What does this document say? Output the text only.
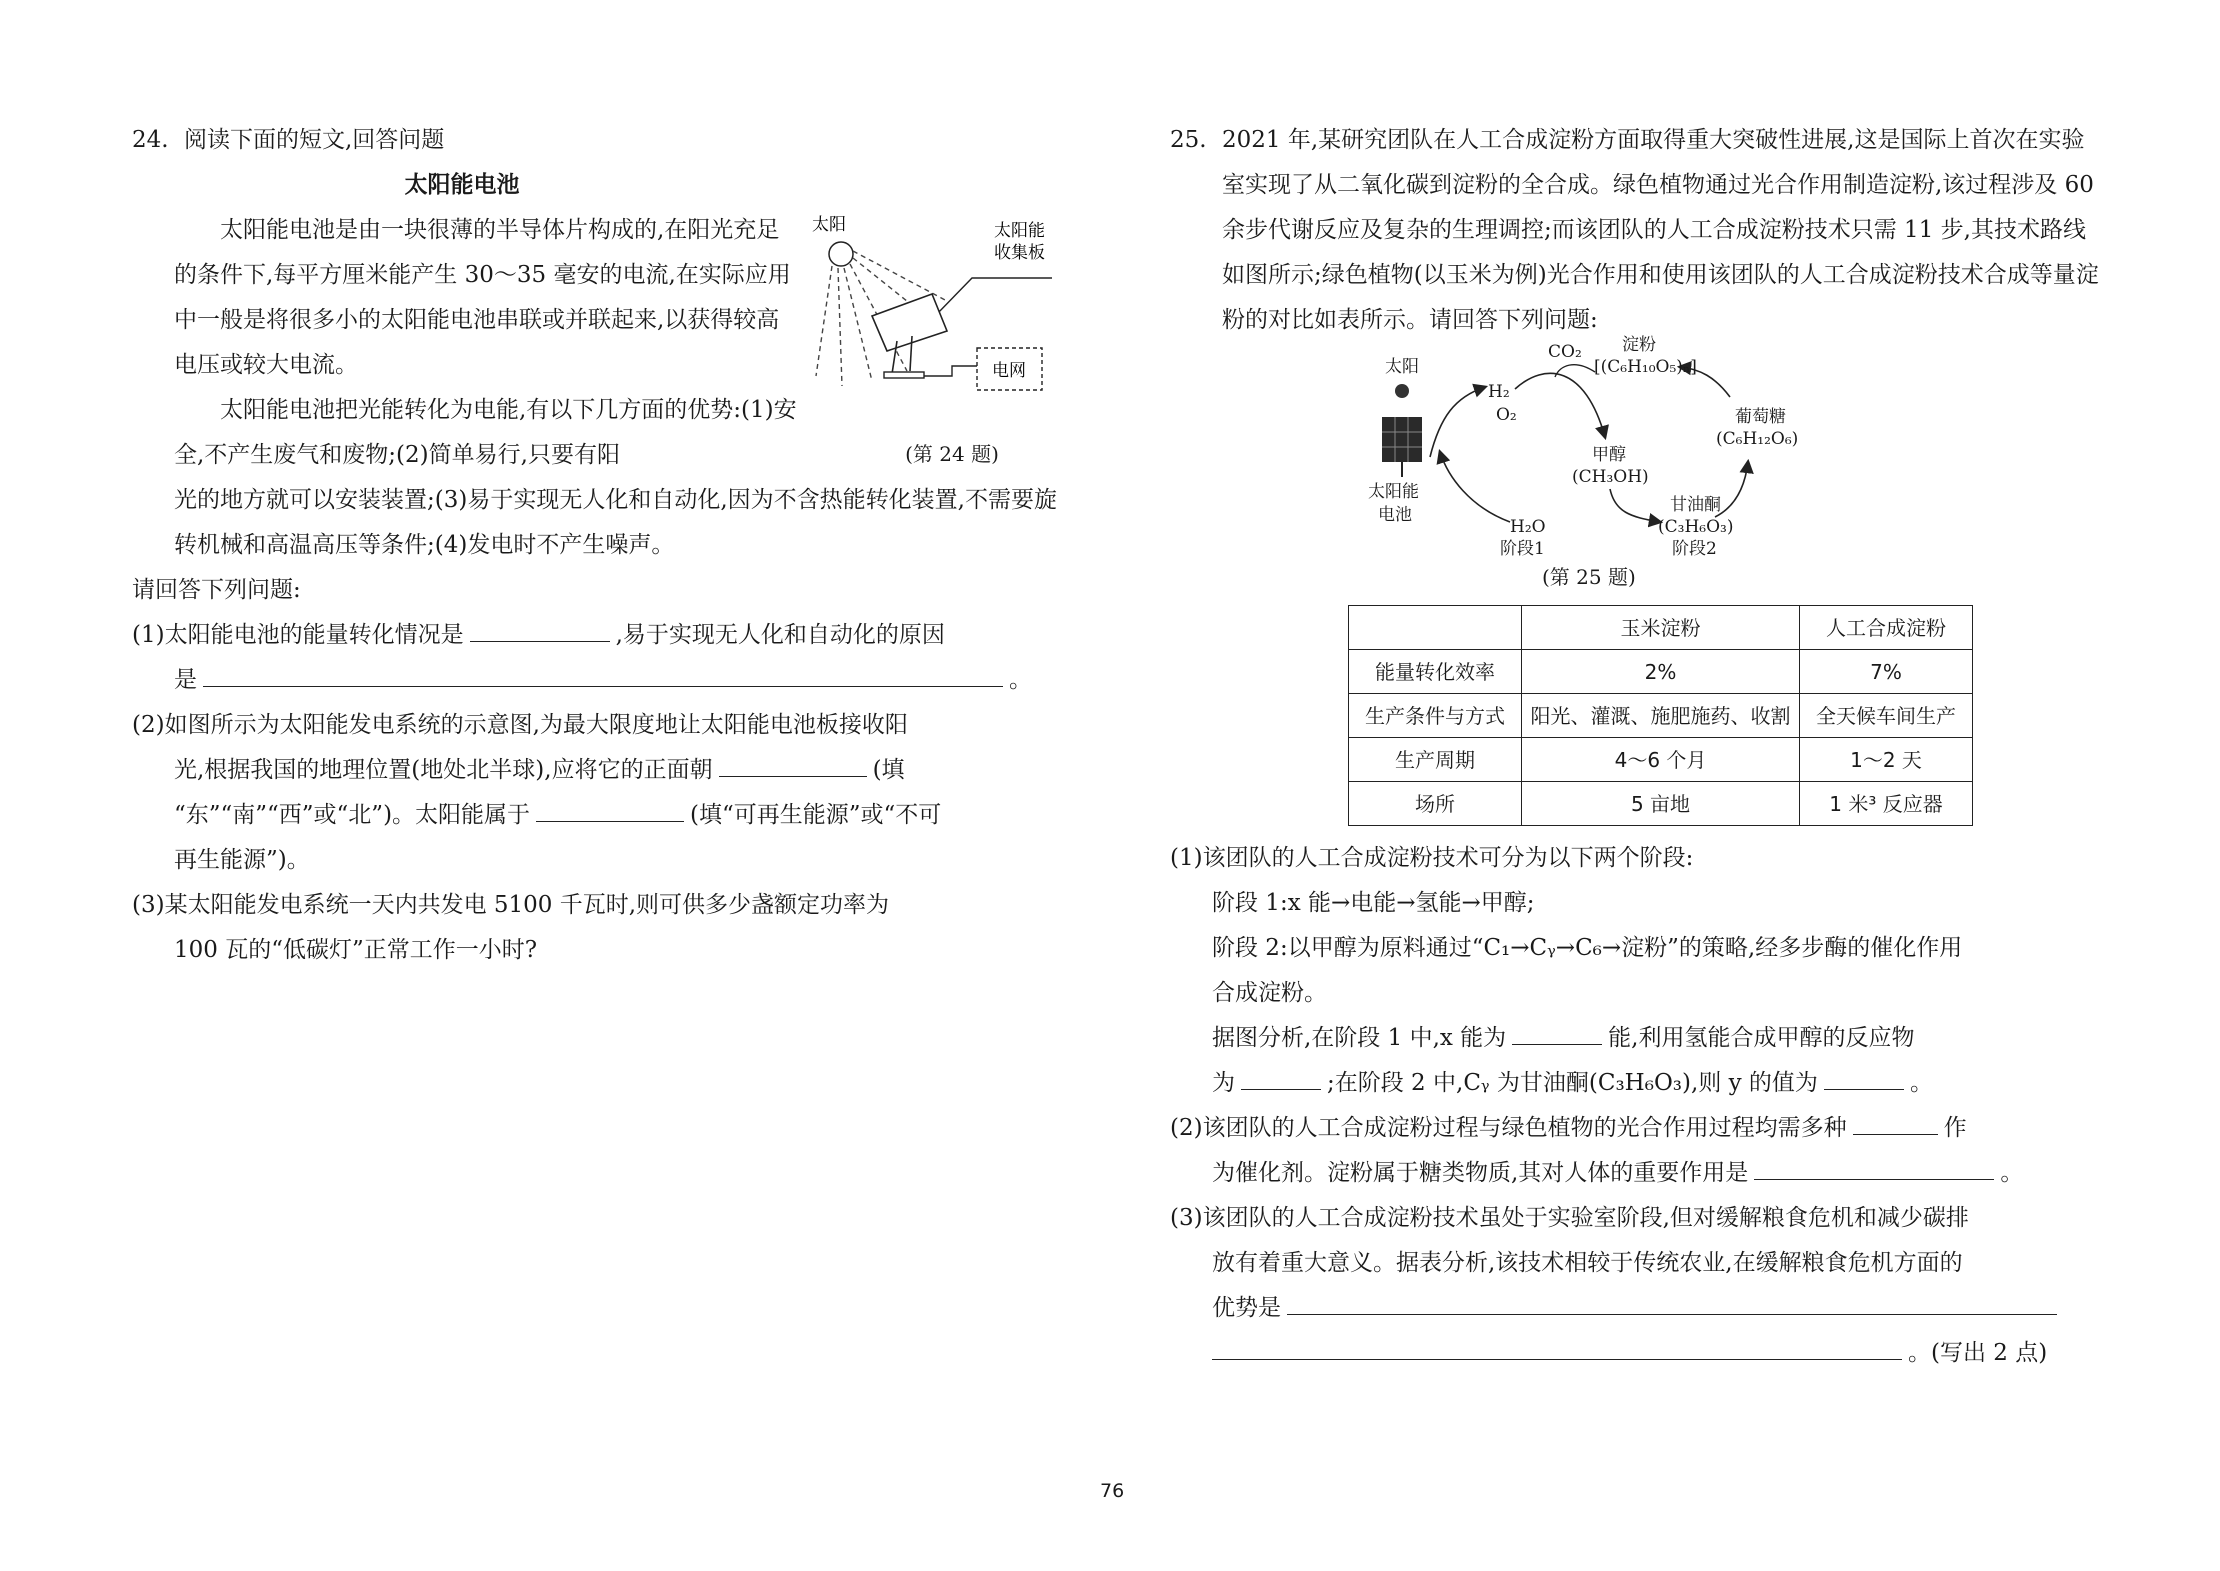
24. 阅读下面的短文,回答问题

太阳能电池

太阳能电池是由一块很薄的半导体片构成的,在阳光充足的条件下,每平方厘米能产生 30～35 毫安的电流,在实际应用中一般是将很多小的太阳能电池串联或并联起来,以获得较高电压或较大电流。

太阳能电池把光能转化为电能,有以下几方面的优势:(1)安全,不产生废气和废物;(2)简单易行,只要有阳

光的地方就可以安装装置;(3)易于实现无人化和自动化,因为不含热能转化装置,不需要旋转机械和高温高压等条件;(4)发电时不产生噪声。

请回答下列问题:

(1)太阳能电池的能量转化情况是	,易于实现无人化和自动化的原因

是	。

(2)如图所示为太阳能发电系统的示意图,为最大限度地让太阳能电池板接收阳

光,根据我国的地理位置(地处北半球),应将它的正面朝	(填

“东”“南”“西”或“北”)。太阳能属于	(填“可再生能源”或“不可

再生能源”)。

(3)某太阳能发电系统一天内共发电 5100 千瓦时,则可供多少盏额定功率为

100 瓦的“低碳灯”正常工作一小时?

太阳	太阳能
收集板
电网

(第 24 题)

25. 2021 年,某研究团队在人工合成淀粉方面取得重大突破性进展,这是国际上首次在实验室实现了从二氧化碳到淀粉的全合成。绿色植物通过光合作用制造淀粉,该过程涉及 60 余步代谢反应及复杂的生理调控;而该团队的人工合成淀粉技术只需 11 步,其技术路线如图所示;绿色植物(以玉米为例)光合作用和使用该团队的人工合成淀粉技术合成等量淀粉的对比如表所示。请回答下列问题:

太阳
太阳能
电池
H₂
O₂
H₂O
阶段1
CO₂ 淀粉
[(C₆H₁₀O₅)ₙ]
甲醇
(CH₃OH)
葡萄糖
(C₆H₁₂O₆)
甘油酮
(C₃H₆O₃)
阶段2
(第 25 题)
	玉米淀粉	人工合成淀粉
能量转化效率	2%	7%
生产条件与方式	阳光、灌溉、施肥施药、收割	全天候车间生产
生产周期	4～6 个月	1～2 天
场所	5 亩地	1 米³ 反应器

(1)该团队的人工合成淀粉技术可分为以下两个阶段:

阶段 1:x 能→电能→氢能→甲醇;

阶段 2:以甲醇为原料通过“C₁→Cᵧ→C₆→淀粉”的策略,经多步酶的催化作用

合成淀粉。

据图分析,在阶段 1 中,x 能为	能,利用氢能合成甲醇的反应物

为	;在阶段 2 中,Cᵧ 为甘油酮(C₃H₆O₃),则 y 的值为	。

(2)该团队的人工合成淀粉过程与绿色植物的光合作用过程均需多种	作

为催化剂。淀粉属于糖类物质,其对人体的重要作用是	。

(3)该团队的人工合成淀粉技术虽处于实验室阶段,但对缓解粮食危机和减少碳排

放有着重大意义。据表分析,该技术相较于传统农业,在缓解粮食危机方面的

优势是

。(写出 2 点)

76
